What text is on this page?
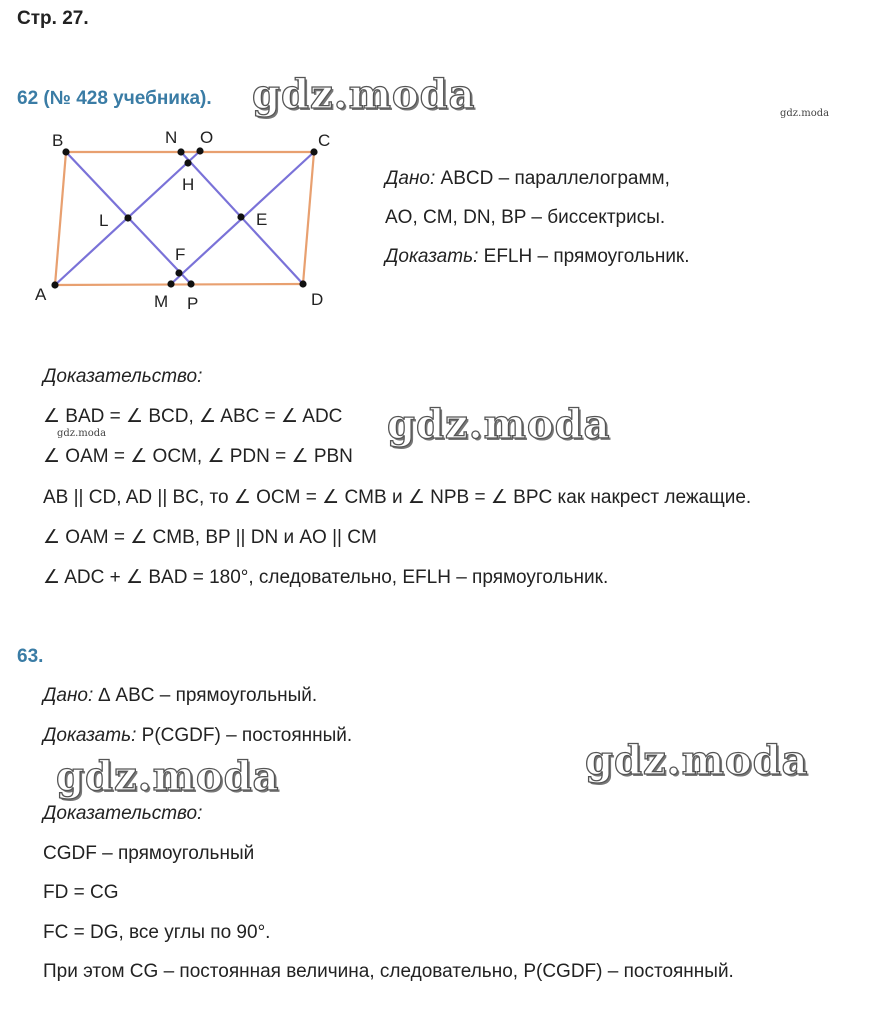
Стр. 27.
62 (№ 428 учебника).
B	N O	C
H
L	E
F
A	M P	D
Дано: ABCD – параллелограмм,
AO, CM, DN, BP – биссектрисы.
Доказать: EFLH – прямоугольник.
Доказательство:
∠ BAD = ∠ BCD, ∠ ABC = ∠ ADC
∠ OAM = ∠ OCM, ∠ PDN = ∠ PBN
AB || CD, AD || BC, то ∠ OCM = ∠ CMB и ∠ NPB = ∠ BPC как накрест лежащие.
∠ OAM = ∠ CMB, BP || DN и AO || CM
∠ ADC + ∠ BAD = 180°, следовательно, EFLH – прямоугольник.
63.
Дано: ∆ ABC – прямоугольный.
Доказать: P(CGDF) – постоянный.
Доказательство:
CGDF – прямоугольный
FD = CG
FC = DG, все углы по 90°.
При этом CG – постоянная величина, следовательно, P(CGDF) – постоянный.
gdz.moda	gdz.moda
gdz.moda
gdz.moda
gdz.moda
gdz.moda
